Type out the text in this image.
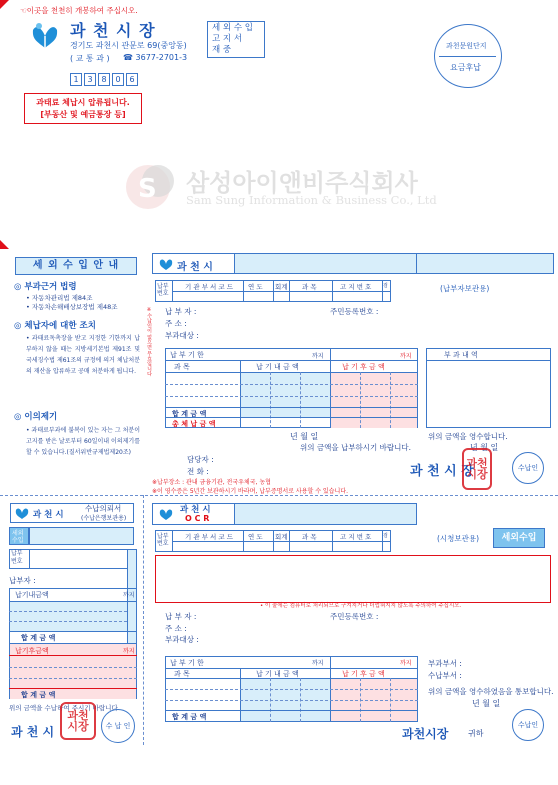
☜이곳을 천천히 개봉하여 주십시오.
과 천 시 장
경기도 과천시 관문로 69(중앙동)
( 교 통 과 ) ☎ 3677-2701-3
세 외 수 입
고 지 서
재 중
1	3	8	0	6
과천문원단지
요금후납
과태료 체납시 압류됩니다.
[부동산 및 예금통장 등]
S 삼성아이앤비주식회사
Sam Sung Information & Business Co., Ltd
세 외 수 입 안 내
◎ 부과근거 법령
• 자동차관리법 제84조
• 자동차손해배상보장법 제48조
◎ 체납자에 대한 조치
• 과태료독촉장을 받고 지정한 기한까지 납부하지 않을 때는 지방세기본법 제91조 및 국세징수법 제61조의 규정에 의거 체납처분의 재산을 압류하고 공매 처분하게 됩니다.
◎ 이의제기
• 과태료부과에 불복이 있는 자는 그 처분이 고지를 받은 날로부터 60일이내 이의제기를 할 수 있습니다.(질서위반규제법제20조)
과 천 시
납부번호
기 관 부 서 코 드 연 도 회계 과 목	고 지 번 호 검	(납부자보관용)
※수납인이 없으면 무효입니다 납 부 자 :	주민등록번호 :
주 소 :
부과대상 :
납 부 기 한	까지	까지
과 목	납 기 내 금 액	납 기 후 금 액
합 계 금 액
총 체 납 금 액
부 과 내 역
년 월 일	위의 금액을 영수합니다.
위의 금액을 납부하시기 바랍니다.	년 월 일
담당자 :
전 화 :	과 천 시 장	수납인
과천
시장
※납부장소 : 관내 금융기관, 전국우체국, 농협
※이 영수증은 5년간 보관하시기 바라며, 납부증명서로 사용할 수 있습니다.
과 천 시
수납의뢰서
(수납은행보관용)
세외
수입
납부
번호
납부자 :
납기내금액	까지
합 계 금 액
납기후금액	까지
합 계 금 액
위의 금액을 수납하여 주시기 바랍니다.
과 천 시	수 납 인
과천
시장
과 천 시
O C R
납부번호
기 관 부 서 코 드 연 도 회계 과 목	고 지 번 호 검	(시청보관용)	세외수입
• 이 줄에는 컴퓨터로 처리되므로 구겨지거나 더럽혀지지 않도록 주의하여 주십시오.
납 부 자 :	주민등록번호 :
주 소 :
부과대상 :
납 부 기 한	까지	까지
과 목	납 기 내 금 액	납 기 후 금 액
합 계 금 액
부과부서 :
수납부서 :
위의 금액을 영수하였음을 통보합니다.
년 월 일
과천시장 귀하
수납인
